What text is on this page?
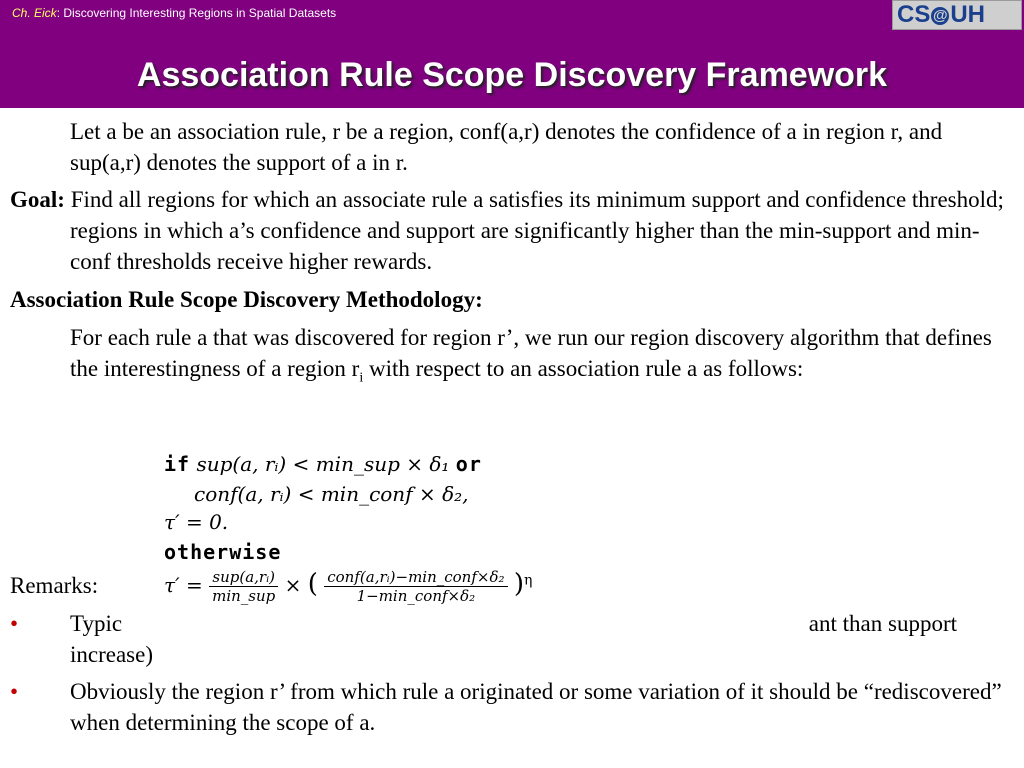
Ch. Eick: Discovering Interesting Regions in Spatial Datasets	CS @ UH
Association Rule Scope Discovery Framework
Let a be an association rule, r be a region, conf(a,r) denotes the confidence of a in region r, and sup(a,r) denotes the support of a in r.
Goal: Find all regions for which an associate rule a satisfies its minimum support and confidence threshold; regions in which a’s confidence and support are significantly higher than the min-support and min-conf thresholds receive higher rewards.
Association Rule Scope Discovery Methodology:
For each rule a that was discovered for region r’, we run our region discovery algorithm that defines the interestingness of a region $r_i$ with respect to an association rule a as follows:
Remarks:
• Typic	ant than support
increase)
• Obviously the region r’ from which rule a originated or some variation of it should be “rediscovered” when determining the scope of a.
if sup(a, rᵢ) < min_sup × δ₁ or
conf(a, rᵢ) < min_conf × δ₂,
τ′ = 0.
otherwise
$\tau' = \frac{\text{sup(a,rᵢ)}}{\text{min\_sup}}$ × ( $\frac{\text{conf(a,rᵢ)−min\_conf×δ₂}}{\text{1−min\_conf×δ₂}} )^\eta$
